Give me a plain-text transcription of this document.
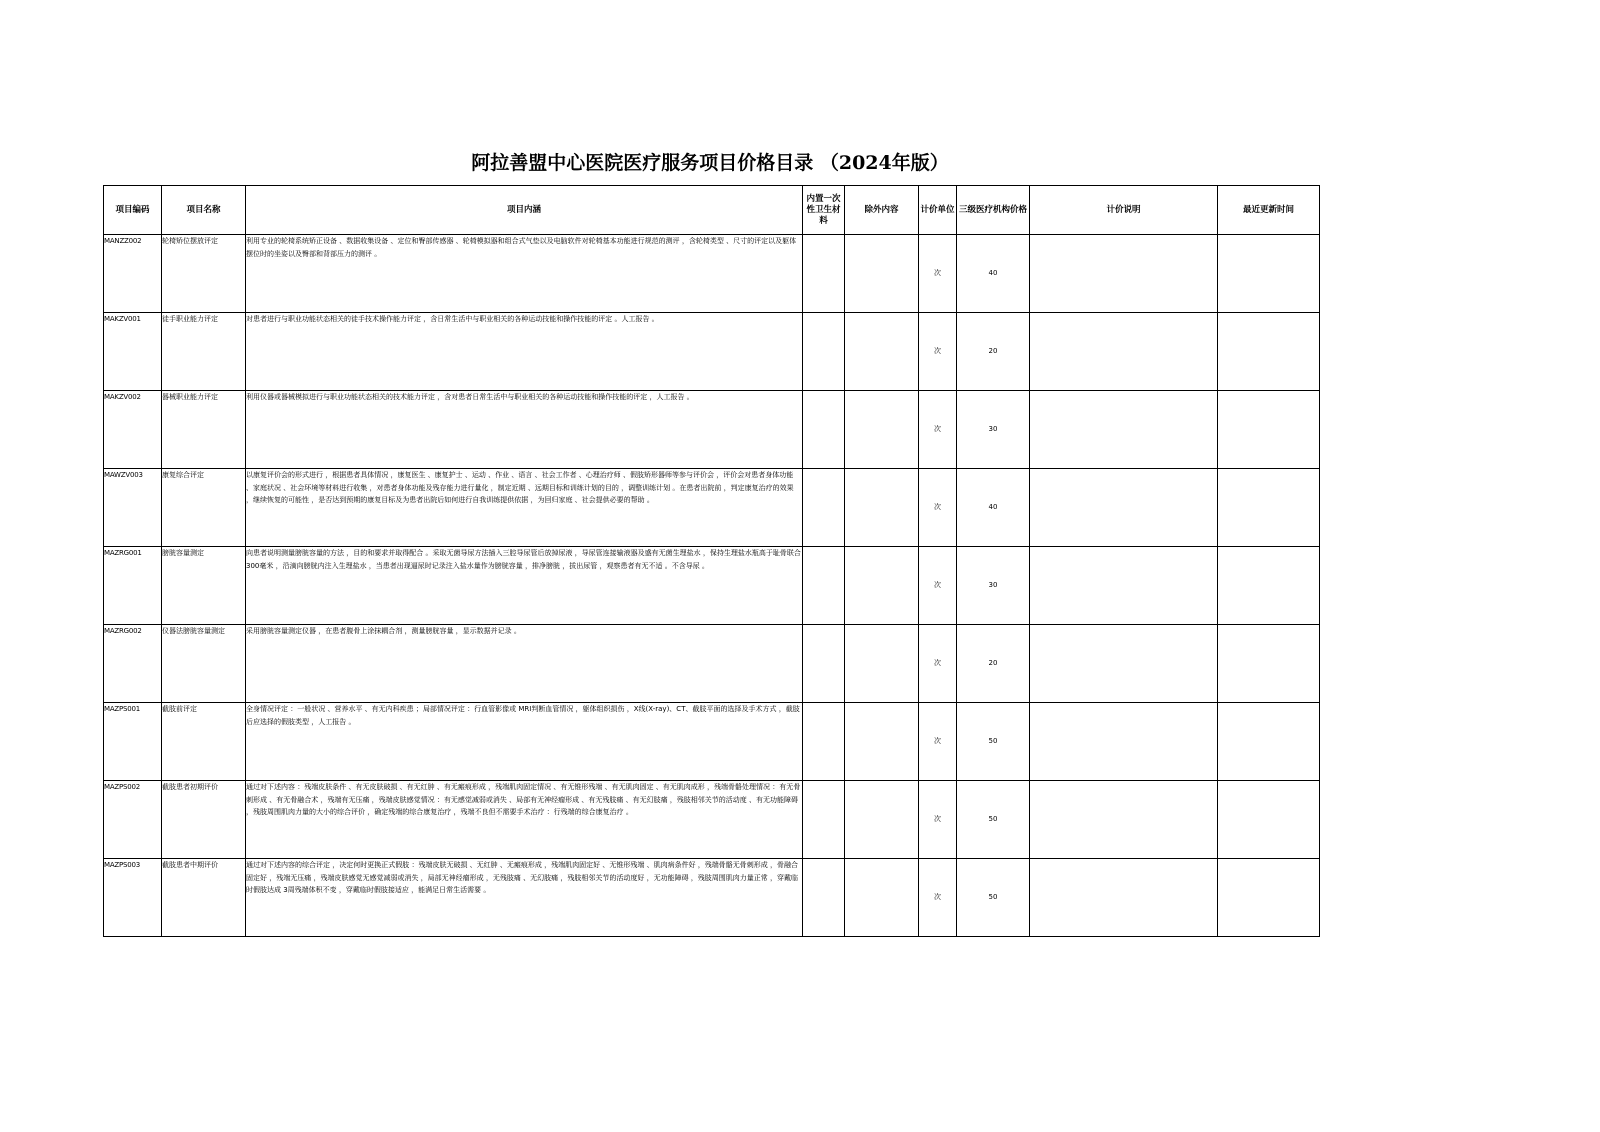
阿拉善盟中心医院医疗服务项目价格目录 （2024年版）
项目编码	项目名称	项目内涵	内置一次性卫生材料	除外内容	计价单位	三级医疗机构价格	计价说明	最近更新时间
MANZZ002	轮椅矫位摆放评定	利用专业的轮椅系统矫正设备 、数据收集设备 、定位和臀部传感器 、轮椅模拟器和组合式气垫以及电脑软件对轮椅基本功能进行规范的测评 ，含轮椅类型 、尺寸的评定以及躯体摆位时的坐姿以及臀部和背部压力的测评 。			次	40		
MAKZV001	徒手职业能力评定	对患者进行与职业功能状态相关的徒手技术操作能力评定 ，含日常生活中与职业相关的各种运动技能和操作技能的评定 。人工报告 。			次	20		
MAKZV002	器械职业能力评定	利用仪器或器械模拟进行与职业功能状态相关的技术能力评定 ，含对患者日常生活中与职业相关的各种运动技能和操作技能的评定 ，人工报告 。			次	30		
MAWZV003	康复综合评定	以康复评价会的形式进行 ，根据患者具体情况 ，康复医生 、康复护士 、运动 、作业 、语言 、社会工作者 、心理治疗师 、假肢矫形器师等参与评价会 ，评价会对患者身体功能 、家庭状况 、社会环境等材料进行收集 ，对患者身体功能及残存能力进行量化 ，制定近期 、远期目标和训练计划的目的 ，调整训练计划 。在患者出院前 ，判定康复治疗的效果 ，继续恢复的可能性 ，是否达到预期的康复目标及为患者出院后如何进行自我训练提供依据 ，为回归家庭 、社会提供必要的帮助 。			次	40		
MAZRG001	膀胱容量测定	向患者说明测量膀胱容量的方法 ，目的和要求并取得配合 。采取无菌导尿方法插入三腔导尿管后放掉尿液 ，导尿管连接输液器及盛有无菌生理盐水 ，保持生理盐水瓶高于耻骨联合 300毫米 ，沿滴向膀胱内注入生理盐水 ，当患者出现逼尿时记录注入盐水量作为膀胱容量 ，排净膀胱 ，拔出尿管 ，观察患者有无不适 。不含导尿 。			次	30		
MAZRG002	仪器法膀胱容量测定	采用膀胱容量测定仪器 ，在患者腹骨上涂抹耦合剂 ，测量膀胱容量 ，显示数据并记录 。			次	20		
MAZPS001	截肢前评定	全身情况评定 ：一般状况 、营养水平 、有无内科疾患 ；局部情况评定 ：行血管影像或 MRI判断血管情况 ，躯体组织损伤 ，X线(X-ray)、CT、截肢平面的选择及手术方式 ，截肢后应选择的假肢类型 ，人工报告 。			次	50		
MAZPS002	截肢患者初期评价	通过对下述内容 ：残端皮肤条件 、有无皮肤破损 、有无红肿 、有无瘢痕形成 ，残端肌肉固定情况 、有无锥形残端 、有无肌肉固定 、有无肌肉成形 ，残端骨骼处理情况 ：有无骨刺形成 、有无骨融合术 ，残端有无压痛 ，残端皮肤感觉情况 ：有无感觉减弱或消失 、局部有无神经瘤形成 、有无残肢痛 、有无幻肢痛 ，残肢相邻关节的活动度 、有无功能障碍 ，残肢周围肌肉力量的大小的综合评价 ，确定残端的综合康复治疗 ，残端不良但不需要手术治疗 ：行残端的综合康复治疗 。			次	50		
MAZPS003	截肢患者中期评价	通过对下述内容的综合评定 ，决定何时更换正式假肢 ：残端皮肤无破损 、无红肿 、无瘢痕形成 ，残端肌肉固定好 、无锥形残端 、肌肉病条件好 ，残端骨骼无骨刺形成 ，骨融合固定好 ，残端无压痛 ，残端皮肤感觉无感觉减弱或消失 ，局部无神经瘤形成 ，无残肢痛 、无幻肢痛 ，残肢相邻关节的活动度好 ，无功能障碍 ，残肢周围肌肉力量正常 ，穿戴临时假肢达成 3周残端体积不变 ，穿戴临时假肢接适应 ，能满足日常生活需要 。			次	50		
